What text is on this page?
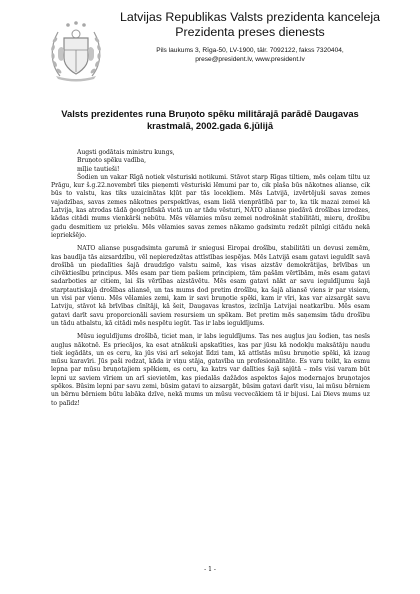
Latvijas Republikas Valsts prezidenta kanceleja
Prezidenta preses dienests
Pils laukums 3, Rīga-50, LV-1900, tālr. 7092122, fakss 7320404,
prese@president.lv, www.president.lv
Valsts prezidentes runa Bruņoto spēku militārajā parādē Daugavas krastmalā, 2002.gada 6.jūlijā

Augsti godātais ministru kungs,

Bruņoto spēku vadība,

mīļie tautieši!

Šodien un vakar Rīgā notiek vēsturiski notikumi. Stāvot starp Rīgas tiltiem, mēs ceļam tiltu uz Prāgu, kur š.g.22.novembrī tiks pieņemti vēsturiski lēmumi par to, cik plaša būs nākotnes alianse, cik būs to valstu, kas tiks uzaicinātas kļūt par tās locekļiem. Mēs Latvijā, izvērtējuši savas zemes vajadzības, savas zemes nākotnes perspektīvas, esam lielā vienprātībā par to, ka tik mazai zemei kā Latvija, kas atrodas tādā ģeogrāfiskā vietā un ar tādu vēsturi, NATO alianse piedāvā drošības izredzes, kādas citādi mums vienkārši nebūtu. Mēs vēlamies mūsu zemei nodrošināt stabilitāti, mieru, drošību gadu desmitiem uz priekšu. Mēs vēlamies savas zemes nākamo gadsimtu redzēt pilnīgi citādu nekā iepriekšējo.

NATO alianse pusgadsimta garumā ir sniegusi Eiropai drošību, stabilitāti un devusi zemēm, kas baudīja tās aizsardzību, vēl nepieredzētas attīstības iespējas. Mēs Latvijā esam gatavi ieguldīt savā drošībā un piedalīties šajā draudzīgo valstu saimē, kas visas aizstāv demokrātijas, brīvības un cilvēktiesību principus. Mēs esam par tiem pašiem principiem, tām pašām vērtībām, mēs esam gatavi sadarboties ar citiem, lai šīs vērtības aizstāvētu. Mēs esam gatavi nākt ar savu ieguldījumu šajā starptautiskajā drošības aliansē, un tas mums dod pretim drošību, ka šajā aliansē viens ir par visiem, un visi par vienu. Mēs vēlamies zemi, kam ir savi bruņotie spēki, kam ir vīri, kas var aizsargāt savu Latviju, stāvot kā brīvības cīnītāji, kā šeit, Daugavas krastos, izcīnīja Latvijai neatkarību. Mēs esam gatavi darīt savu proporcionāli saviem resursiem un spēkam. Bet pretim mēs saņemsim tādu drošību un tādu atbalstu, kā citādi mēs nespētu iegūt. Tas ir labs ieguldījums.

Mūsu ieguldījums drošībā, ticiet man, ir labs ieguldījums. Tas nes augļus jau šodien, tas nesīs augļus nākotnē. Es priecājos, ka esat atnākuši apskatīties, kas par jūsu kā nodokļu maksātāju naudu tiek iegādāts, un es ceru, ka jūs visi arī sekojat līdzi tam, kā attīstās mūsu bruņotie spēki, kā izaug mūsu karavīri. Jūs paši redzat, kāda ir viņu stāja, gatavība un profesionalitāte. Es varu teikt, ka esmu lepna par mūsu bruņotajiem spēkiem, es ceru, ka katrs var dalīties šajā sajūtā – mēs visi varam būt lepni uz saviem vīriem un arī sievietēm, kas piedalās dažādos aspektos šajos modernajos bruņotajos spēkos. Būsim lepni par savu zemi, būsim gatavi to aizsargāt, būsim gatavi darīt visu, lai mūsu bērniem un bērnu bērniem būtu labāka dzīve, nekā mums un mūsu vecvecākiem tā ir bijusi. Lai Dievs mums uz to palīdz!

- 1 -
